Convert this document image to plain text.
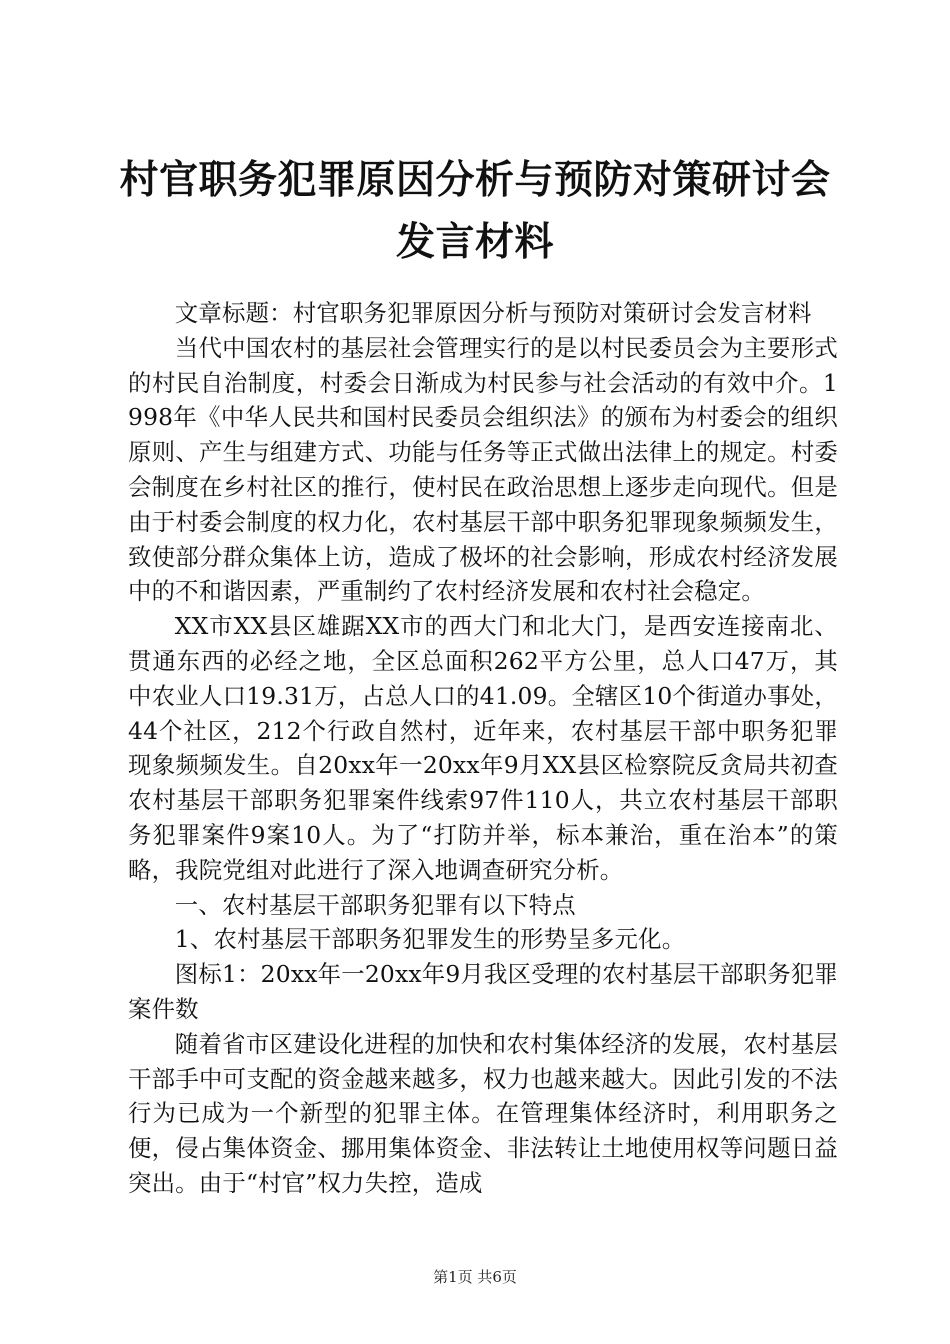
村官职务犯罪原因分析与预防对策研讨会发言材料

文章标题：村官职务犯罪原因分析与预防对策研讨会发言材料

当代中国农村的基层社会管理实行的是以村民委员会为主要形式的村民自治制度，村委会日渐成为村民参与社会活动的有效中介。1998年《中华人民共和国村民委员会组织法》的颁布为村委会的组织原则、产生与组建方式、功能与任务等正式做出法律上的规定。村委会制度在乡村社区的推行，使村民在政治思想上逐步走向现代。但是由于村委会制度的权力化，农村基层干部中职务犯罪现象频频发生，致使部分群众集体上访，造成了极坏的社会影响，形成农村经济发展中的不和谐因素，严重制约了农村经济发展和农村社会稳定。

XX市XX县区雄踞XX市的西大门和北大门，是西安连接南北、贯通东西的必经之地，全区总面积262平方公里，总人口47万，其中农业人口19.31万，占总人口的41.09。全辖区10个街道办事处，44个社区，212个行政自然村，近年来，农村基层干部中职务犯罪现象频频发生。自20xx年一20xx年9月XX县区检察院反贪局共初查农村基层干部职务犯罪案件线索97件110人，共立农村基层干部职务犯罪案件9案10人。为了“打防并举，标本兼治，重在治本”的策略，我院党组对此进行了深入地调查研究分析。

一、农村基层干部职务犯罪有以下特点

1、农村基层干部职务犯罪发生的形势呈多元化。

图标1：20xx年一20xx年9月我区受理的农村基层干部职务犯罪案件数

随着省市区建设化进程的加快和农村集体经济的发展，农村基层干部手中可支配的资金越来越多，权力也越来越大。因此引发的不法行为已成为一个新型的犯罪主体。在管理集体经济时，利用职务之便，侵占集体资金、挪用集体资金、非法转让土地使用权等问题日益突出。由于“村官”权力失控，造成

第1页 共6页
